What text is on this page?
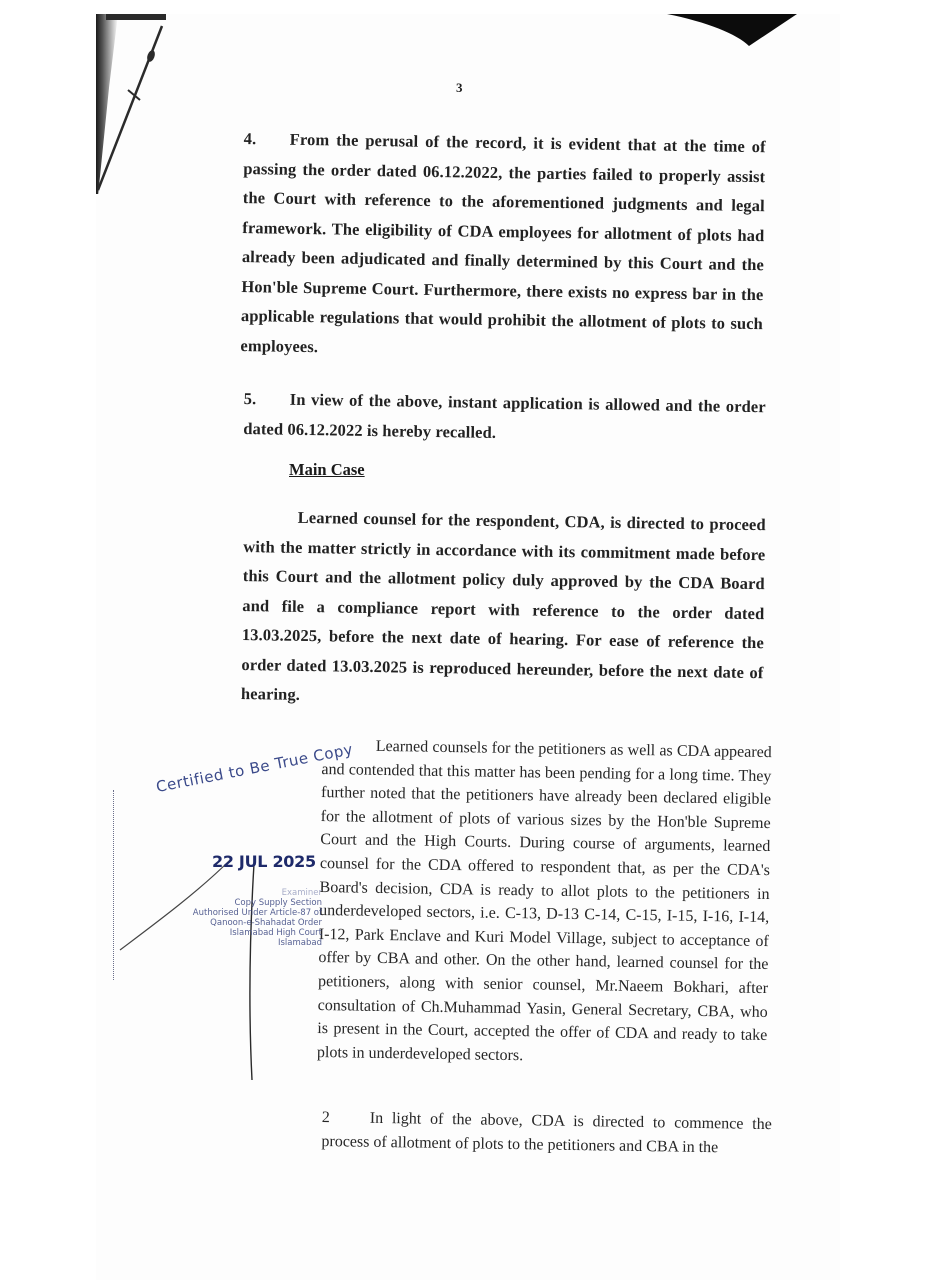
3
4. From the perusal of the record, it is evident that at the time of passing the order dated 06.12.2022, the parties failed to properly assist the Court with reference to the aforementioned judgments and legal framework. The eligibility of CDA employees for allotment of plots had already been adjudicated and finally determined by this Court and the Hon'ble Supreme Court. Furthermore, there exists no express bar in the applicable regulations that would prohibit the allotment of plots to such employees.
5. In view of the above, instant application is allowed and the order dated 06.12.2022 is hereby recalled.
Main Case
Learned counsel for the respondent, CDA, is directed to proceed with the matter strictly in accordance with its commitment made before this Court and the allotment policy duly approved by the CDA Board and file a compliance report with reference to the order dated 13.03.2025, before the next date of hearing. For ease of reference the order dated 13.03.2025 is reproduced hereunder, before the next date of hearing.
Learned counsels for the petitioners as well as CDA appeared and contended that this matter has been pending for a long time. They further noted that the petitioners have already been declared eligible for the allotment of plots of various sizes by the Hon'ble Supreme Court and the High Courts. During course of arguments, learned counsel for the CDA offered to respondent that, as per the CDA's Board's decision, CDA is ready to allot plots to the petitioners in underdeveloped sectors, i.e. C-13, D-13 C-14, C-15, I-15, I-16, I-14, I-12, Park Enclave and Kuri Model Village, subject to acceptance of offer by CBA and other. On the other hand, learned counsel for the petitioners, along with senior counsel, Mr.Naeem Bokhari, after consultation of Ch.Muhammad Yasin, General Secretary, CBA, who is present in the Court, accepted the offer of CDA and ready to take plots in underdeveloped sectors.
2 In light of the above, CDA is directed to commence the process of allotment of plots to the petitioners and CBA in the
Certified to Be True Copy
22 JUL 2025
Examiner
Copy Supply Section
Authorised Under Article-87 of
Qanoon-e-Shahadat Order
Islamabad High Court
Islamabad
